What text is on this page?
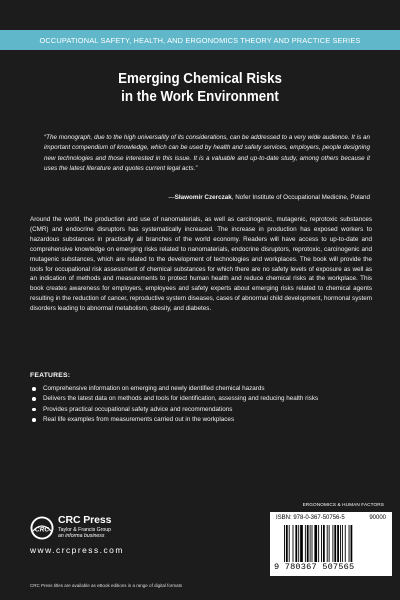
OCCUPATIONAL SAFETY, HEALTH, AND ERGONOMICS THEORY AND PRACTICE SERIES
Emerging Chemical Risks
in the Work Environment

“The monograph, due to the high universality of its considerations, can be addressed to a very wide audience. It is an important compendium of knowledge, which can be used by health and safety services, employers, people designing new technologies and those interested in this issue. It is a valuable and up-to-date study, among others because it uses the latest literature and quotes current legal acts.”

—Sławomir Czerczak, Nofer Institute of Occupational Medicine, Poland

Around the world, the production and use of nanomaterials, as well as carcinogenic, mutagenic, reprotoxic substances (CMR) and endocrine disruptors has systematically increased. The increase in production has exposed workers to hazardous substances in practically all branches of the world economy. Readers will have access to up-to-date and comprehensive knowledge on emerging risks related to nanomaterials, endocrine disruptors, reprotoxic, carcinogenic and mutagenic substances, which are related to the development of technologies and workplaces. The book will provide the tools for occupational risk assessment of chemical substances for which there are no safety levels of exposure as well as an indication of methods and measurements to protect human health and reduce chemical risks at the workplace. This book creates awareness for employers, employees and safety experts about emerging risks related to chemical agents resulting in the reduction of cancer, reproductive system diseases, cases of abnormal child development, hormonal system disorders leading to abnormal metabolism, obesity, and diabetes.

FEATURES:
Comprehensive information on emerging and newly identified chemical hazards
Delivers the latest data on methods and tools for identification, assessing and reducing health risks
Provides practical occupational safety advice and recommendations
Real life examples from measurements carried out in the workplaces
ERGONOMICS & HUMAN FACTORS
ISBN: 978-0-367-50756-5	90000
9 780367 507565
CRC
CRC Press
Taylor & Francis Group
an informa business
www.crcpress.com
CRC Press titles are available as eBook editions in a range of digital formats
